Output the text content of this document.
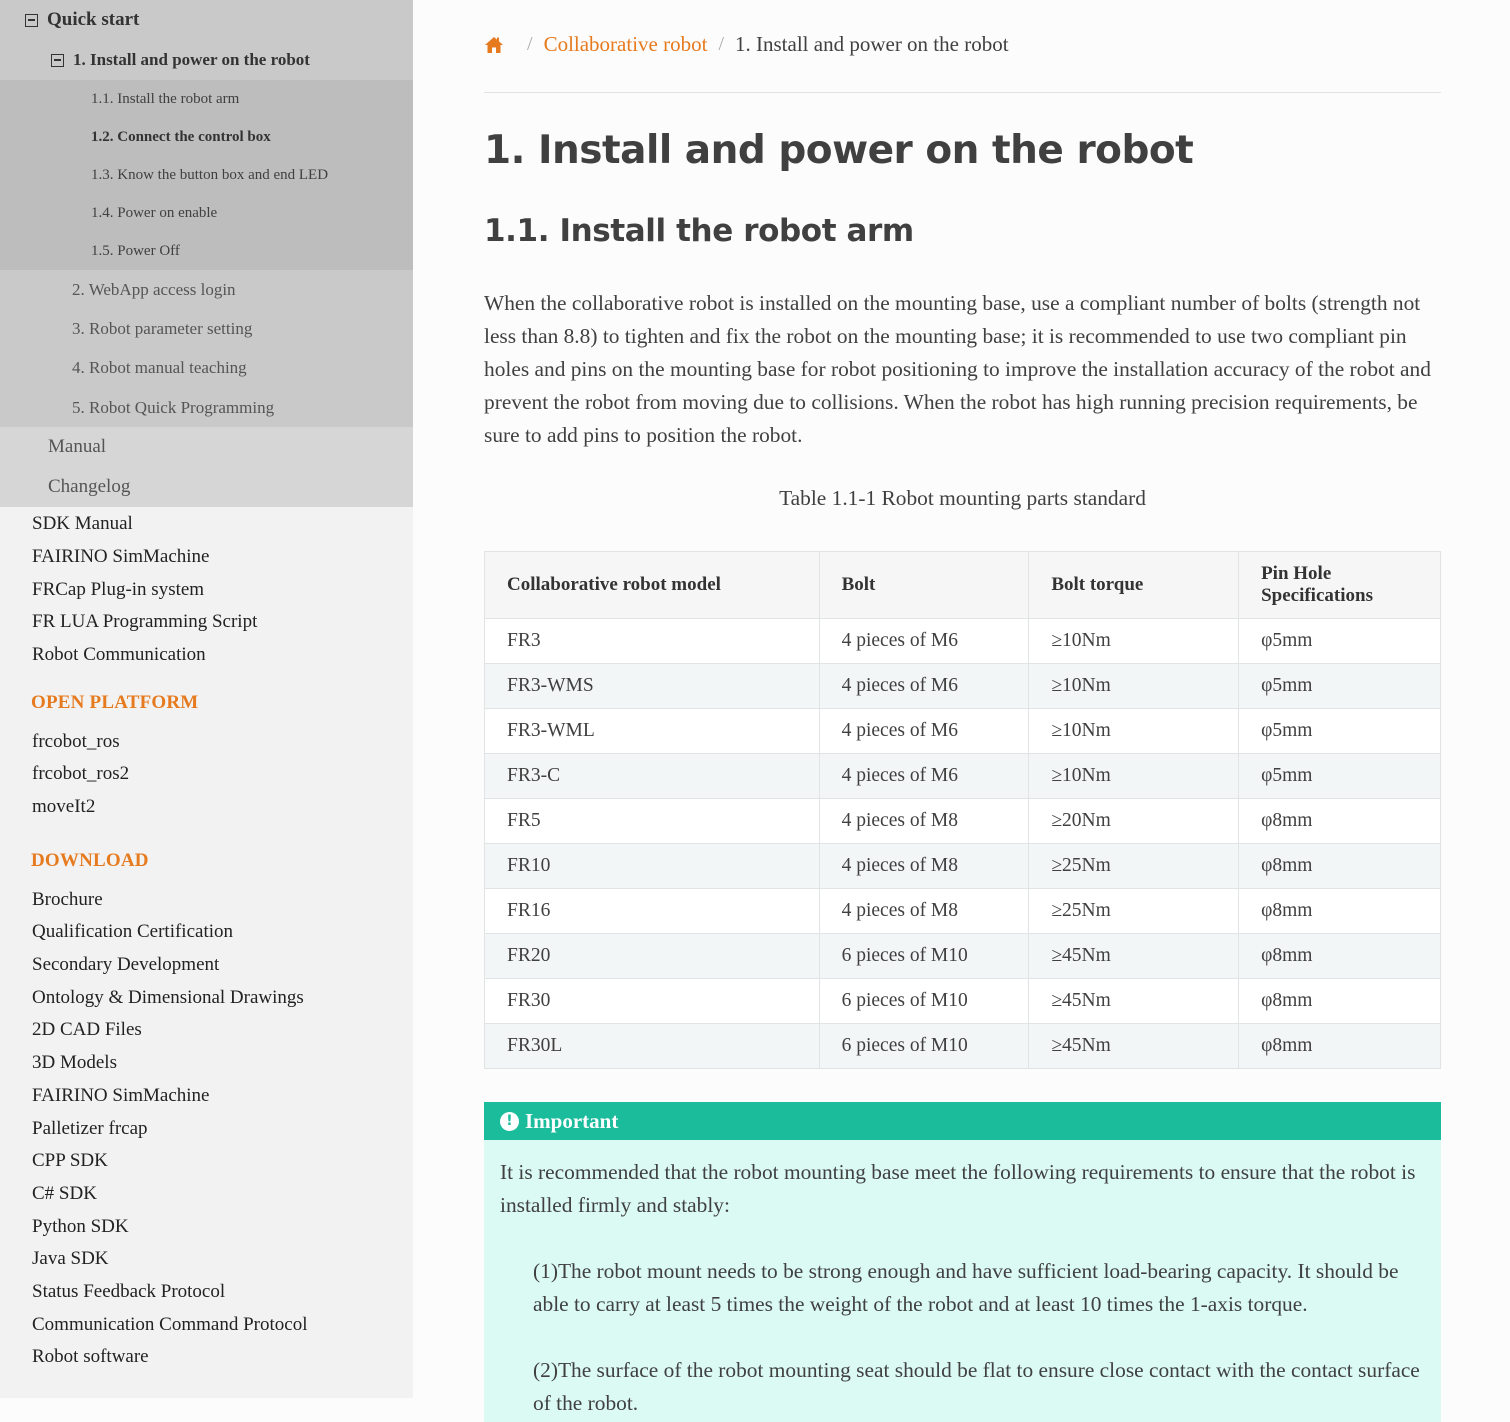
Quick start
1. Install and power on the robot
1.1. Install the robot arm
1.2. Connect the control box
1.3. Know the button box and end LED
1.4. Power on enable
1.5. Power Off
2. WebApp access login
3. Robot parameter setting
4. Robot manual teaching
5. Robot Quick Programming
Manual
Changelog
SDK Manual
FAIRINO SimMachine
FRCap Plug-in system
FR LUA Programming Script
Robot Communication
OPEN PLATFORM
frcobot_ros
frcobot_ros2
moveIt2
DOWNLOAD
Brochure
Qualification Certification
Secondary Development
Ontology & Dimensional Drawings
2D CAD Files
3D Models
FAIRINO SimMachine
Palletizer frcap
CPP SDK
C# SDK
Python SDK
Java SDK
Status Feedback Protocol
Communication Command Protocol
Robot software
/ Collaborative robot / 1. Install and power on the robot
1. Install and power on the robot
1.1. Install the robot arm

When the collaborative robot is installed on the mounting base, use a compliant number of bolts (strength not less than 8.8) to tighten and fix the robot on the mounting base; it is recommended to use two compliant pin holes and pins on the mounting base for robot positioning to improve the installation accuracy of the robot and prevent the robot from moving due to collisions. When the robot has high running precision requirements, be sure to add pins to position the robot.

Table 1.1-1 Robot mounting parts standard
Collaborative robot model	Bolt	Bolt torque	Pin Hole Specifications
FR3	4 pieces of M6	≥10Nm	φ5mm
FR3-WMS	4 pieces of M6	≥10Nm	φ5mm
FR3-WML	4 pieces of M6	≥10Nm	φ5mm
FR3-C	4 pieces of M6	≥10Nm	φ5mm
FR5	4 pieces of M8	≥20Nm	φ8mm
FR10	4 pieces of M8	≥25Nm	φ8mm
FR16	4 pieces of M8	≥25Nm	φ8mm
FR20	6 pieces of M10	≥45Nm	φ8mm
FR30	6 pieces of M10	≥45Nm	φ8mm
FR30L	6 pieces of M10	≥45Nm	φ8mm
! Important

It is recommended that the robot mounting base meet the following requirements to ensure that the robot is installed firmly and stably:

(1)The robot mount needs to be strong enough and have sufficient load-bearing capacity. It should be able to carry at least 5 times the weight of the robot and at least 10 times the 1-axis torque.

(2)The surface of the robot mounting seat should be flat to ensure close contact with the contact surface of the robot.
